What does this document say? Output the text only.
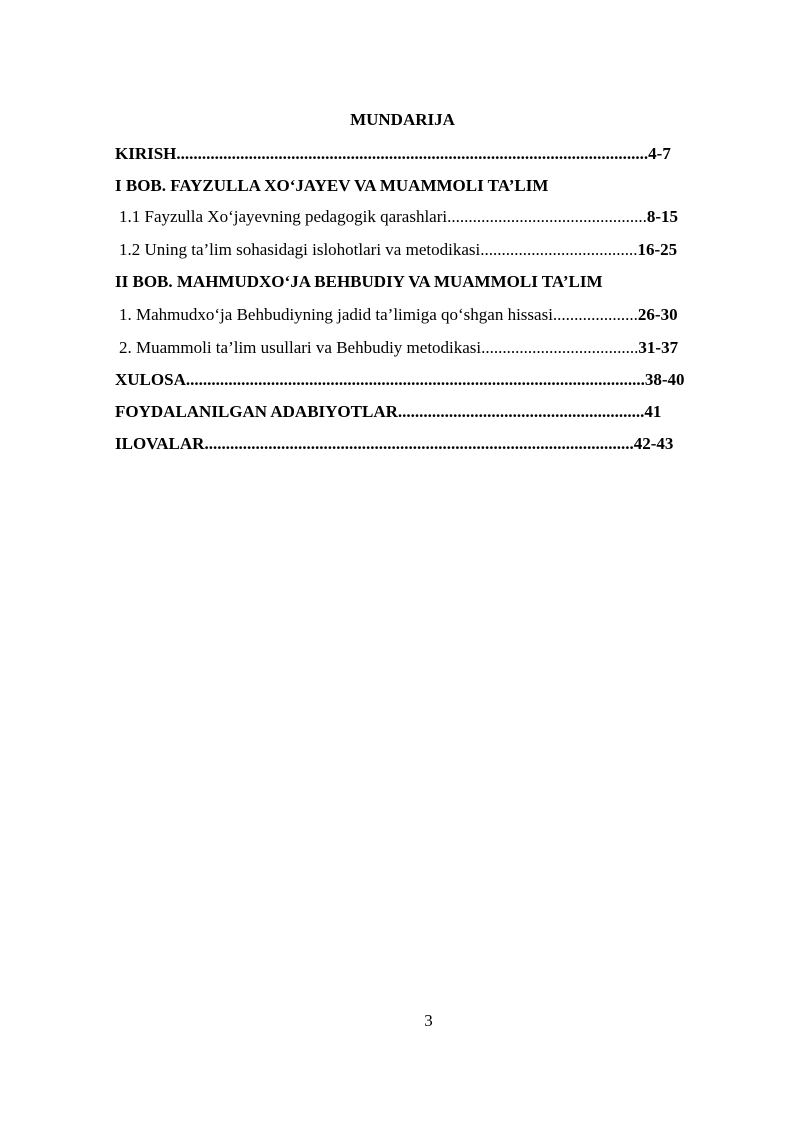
MUNDARIJA
KIRISH...............................................................................................................4-7
I BOB. FAYZULLA XO‘JAYEV VA MUAMMOLI TA’LIM
1.1 Fayzulla Xo‘jayevning pedagogik qarashlari...............................................8-15
1.2 Uning ta’lim sohasidagi islohotlari va metodikasi.....................................16-25
II BOB. MAHMUDXO‘JA BEHBUDIY VA MUAMMOLI TA’LIM
1. Mahmudxo‘ja Behbudiyning jadid ta’limiga qo‘shgan hissasi....................26-30
2. Muammoli ta’lim usullari va Behbudiy metodikasi.....................................31-37
XULOSA............................................................................................................38-40
FOYDALANILGAN ADABIYOTLAR..........................................................41
ILOVALAR.....................................................................................................42-43
3
